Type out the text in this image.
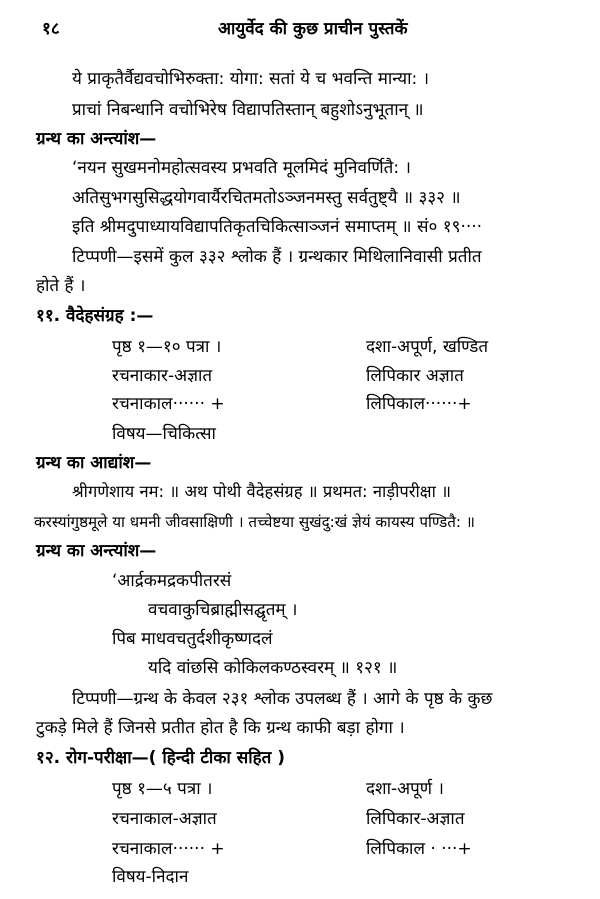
१८	आयुर्वेद की कुछ प्राचीन पुस्तकें
ये प्राकृतैर्वैद्यवचोभिरुक्ता: योगा: सतां ये च भवन्ति मान्या: ।
प्राचां निबन्धानि वचोभिरेष विद्यापतिस्तान् बहुशोऽनुभूतान् ॥
ग्रन्थ का अन्त्यांश—
‘नयन सुखमनोमहोत्सवस्य प्रभवति मूलमिदं मुनिवर्णितै: ।
अतिसुभगसुसिद्धयोगवार्यैरचितमतोऽञ्जनमस्तु सर्वतुष्ट्यै ॥ ३३२ ॥
इति श्रीमदुपाध्यायविद्यापतिकृतचिकित्साञ्जनं समाप्तम् ॥ सं० १९····
टिप्पणी—इसमें कुल ३३२ श्लोक हैं । ग्रन्थकार मिथिलानिवासी प्रतीत
होते हैं ।
११. वैदेहसंग्रह :—
पृष्ठ १—१० पत्रा ।	दशा-अपूर्ण, खण्डित
रचनाकार-अज्ञात	लिपिकार अज्ञात
रचनाकाल······ +	लिपिकाल······+
विषय—चिकित्सा
ग्रन्थ का आद्यांश—
श्रीगणेशाय नम: ॥ अथ पोथी वैदेहसंग्रह ॥ प्रथमत: नाड़ीपरीक्षा ॥
करस्यांगुष्ठमूले या धमनी जीवसाक्षिणी । तच्चेष्टया सुखंदु:खं ज्ञेयं कायस्य पण्डितै: ॥
ग्रन्थ का अन्त्यांश—
‘आर्द्रकमद्रकपीतरसं
वचवाकुचिब्राह्मीसद्घृतम् ।
पिब माधवचतुर्दशीकृष्णदलं
यदि वांछसि कोकिलकण्ठस्वरम् ॥ १२१ ॥
टिप्पणी—ग्रन्थ के केवल २३१ श्लोक उपलब्ध हैं । आगे के पृष्ठ के कुछ
टुकड़े मिले हैं जिनसे प्रतीत होत है कि ग्रन्थ काफी बड़ा होगा ।
१२. रोग-परीक्षा—( हिन्दी टीका सहित )
पृष्ठ १—५ पत्रा ।	दशा-अपूर्ण ।
रचनाकाल-अज्ञात	लिपिकार-अज्ञात
रचनाकाल······ +	लिपिकाल · ···+
विषय-निदान
